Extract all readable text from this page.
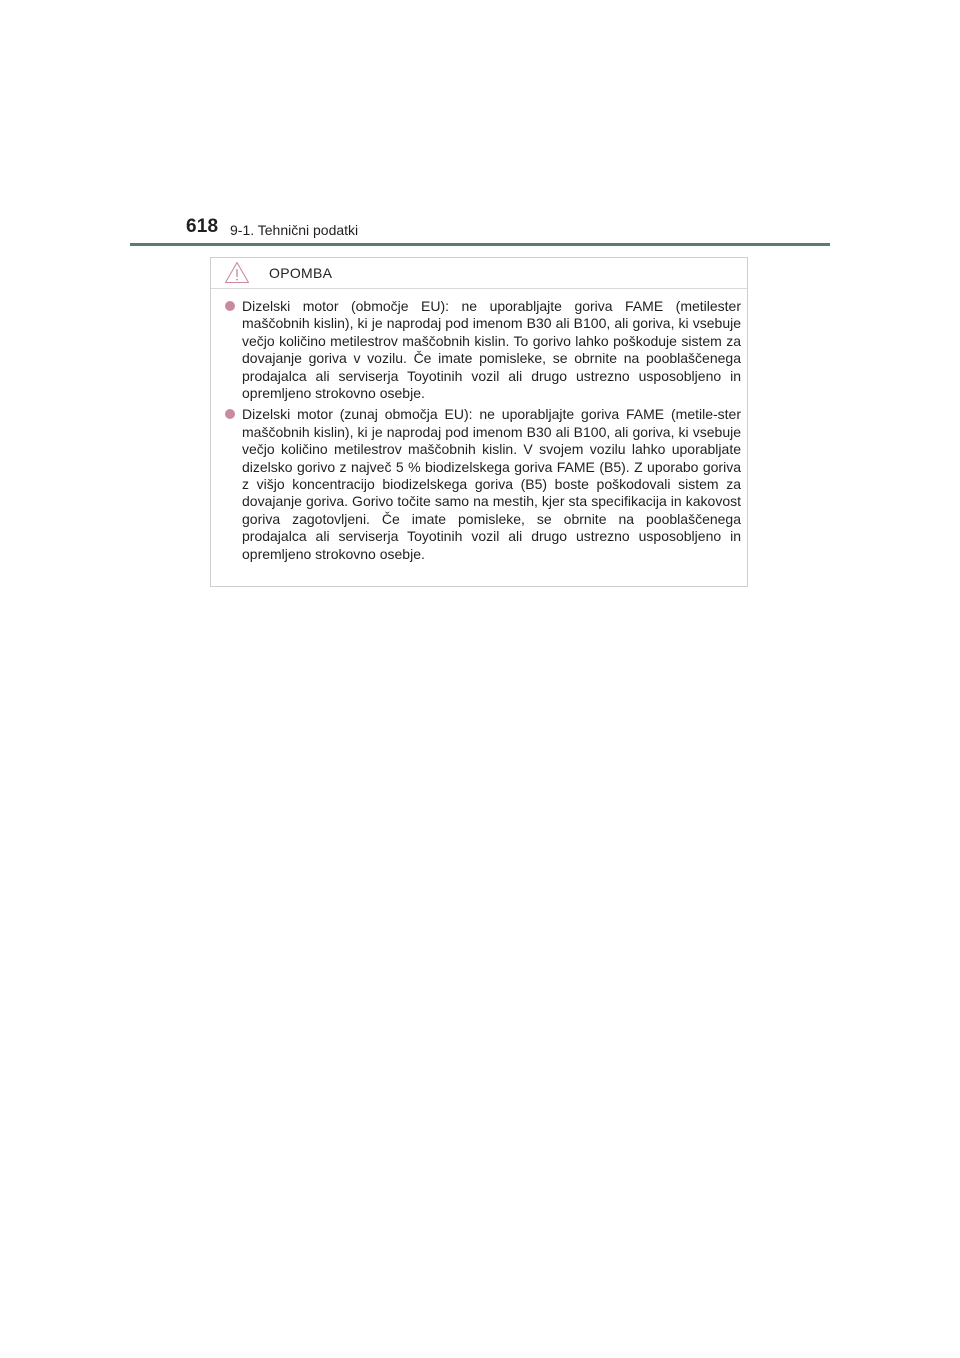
618 9-1. Tehnični podatki
OPOMBA
Dizelski motor (območje EU): ne uporabljajte goriva FAME (metilester maščobnih kislin), ki je naprodaj pod imenom B30 ali B100, ali goriva, ki vsebuje večjo količino metilestrov maščobnih kislin. To gorivo lahko poškoduje sistem za dovajanje goriva v vozilu. Če imate pomisleke, se obrnite na pooblaščenega prodajalca ali serviserja Toyotinih vozil ali drugo ustrezno usposobljeno in opremljeno strokovno osebje.
Dizelski motor (zunaj območja EU): ne uporabljajte goriva FAME (metile-ster maščobnih kislin), ki je naprodaj pod imenom B30 ali B100, ali goriva, ki vsebuje večjo količino metilestrov maščobnih kislin. V svojem vozilu lahko uporabljate dizelsko gorivo z največ 5 % biodizelskega goriva FAME (B5). Z uporabo goriva z višjo koncentracijo biodizelskega goriva (B5) boste poškodovali sistem za dovajanje goriva. Gorivo točite samo na mestih, kjer sta specifikacija in kakovost goriva zagotovljeni. Če imate pomisleke, se obrnite na pooblaščenega prodajalca ali serviserja Toyotinih vozil ali drugo ustrezno usposobljeno in opremljeno strokovno osebje.
